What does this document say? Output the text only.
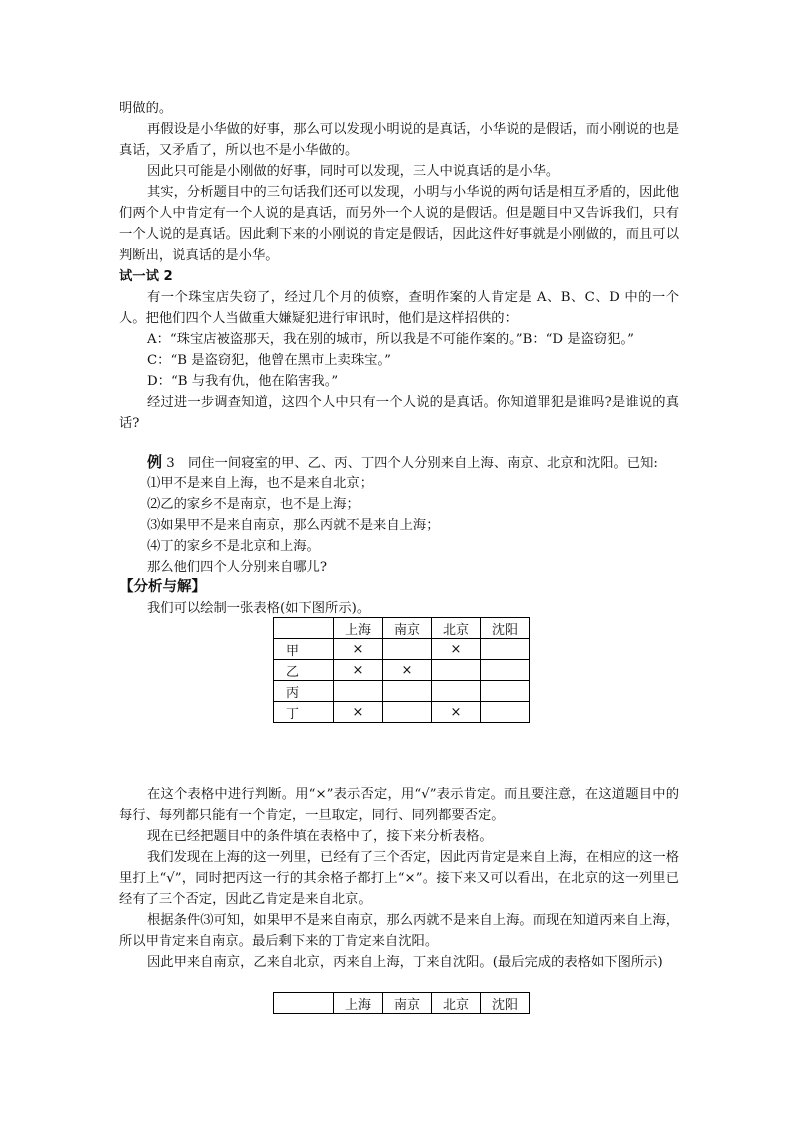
明做的。
再假设是小华做的好事，那么可以发现小明说的是真话，小华说的是假话，而小刚说的也是真话，又矛盾了，所以也不是小华做的。
因此只可能是小刚做的好事，同时可以发现，三人中说真话的是小华。
其实，分析题目中的三句话我们还可以发现，小明与小华说的两句话是相互矛盾的，因此他们两个人中肯定有一个人说的是真话，而另外一个人说的是假话。但是题目中又告诉我们，只有一个人说的是真话。因此剩下来的小刚说的肯定是假话，因此这件好事就是小刚做的，而且可以判断出，说真话的是小华。
试一试 2
有一个珠宝店失窃了，经过几个月的侦察，查明作案的人肯定是 A、B、C、D 中的一个人。把他们四个人当做重大嫌疑犯进行审讯时，他们是这样招供的：
A：“珠宝店被盗那天，我在别的城市，所以我是不可能作案的。”B：“D 是盗窃犯。”
C：“B 是盗窃犯，他曾在黑市上卖珠宝。”
D：“B 与我有仇，他在陷害我。”
经过进一步调查知道，这四个人中只有一个人说的是真话。你知道罪犯是谁吗?是谁说的真话?
例 3　同住一间寝室的甲、乙、丙、丁四个人分别来自上海、南京、北京和沈阳。已知:
⑴甲不是来自上海，也不是来自北京；
⑵乙的家乡不是南京，也不是上海；
⑶如果甲不是来自南京，那么丙就不是来自上海；
⑷丁的家乡不是北京和上海。
那么他们四个人分别来自哪儿?
【分析与解】
我们可以绘制一张表格(如下图所示)。
	上海	南京	北京	沈阳
甲	×		×	
乙	×	×		
丙				
丁	×		×	
在这个表格中进行判断。用“×”表示否定，用“√”表示肯定。而且要注意，在这道题目中的每行、每列都只能有一个肯定，一旦取定，同行、同列都要否定。
现在已经把题目中的条件填在表格中了，接下来分析表格。
我们发现在上海的这一列里，已经有了三个否定，因此丙肯定是来自上海，在相应的这一格里打上“√”，同时把丙这一行的其余格子都打上“×”。接下来又可以看出，在北京的这一列里已经有了三个否定，因此乙肯定是来自北京。
根据条件⑶可知，如果甲不是来自南京，那么丙就不是来自上海。而现在知道丙来自上海，所以甲肯定来自南京。最后剩下来的丁肯定来自沈阳。
因此甲来自南京，乙来自北京，丙来自上海，丁来自沈阳。(最后完成的表格如下图所示)
	上海	南京	北京	沈阳
